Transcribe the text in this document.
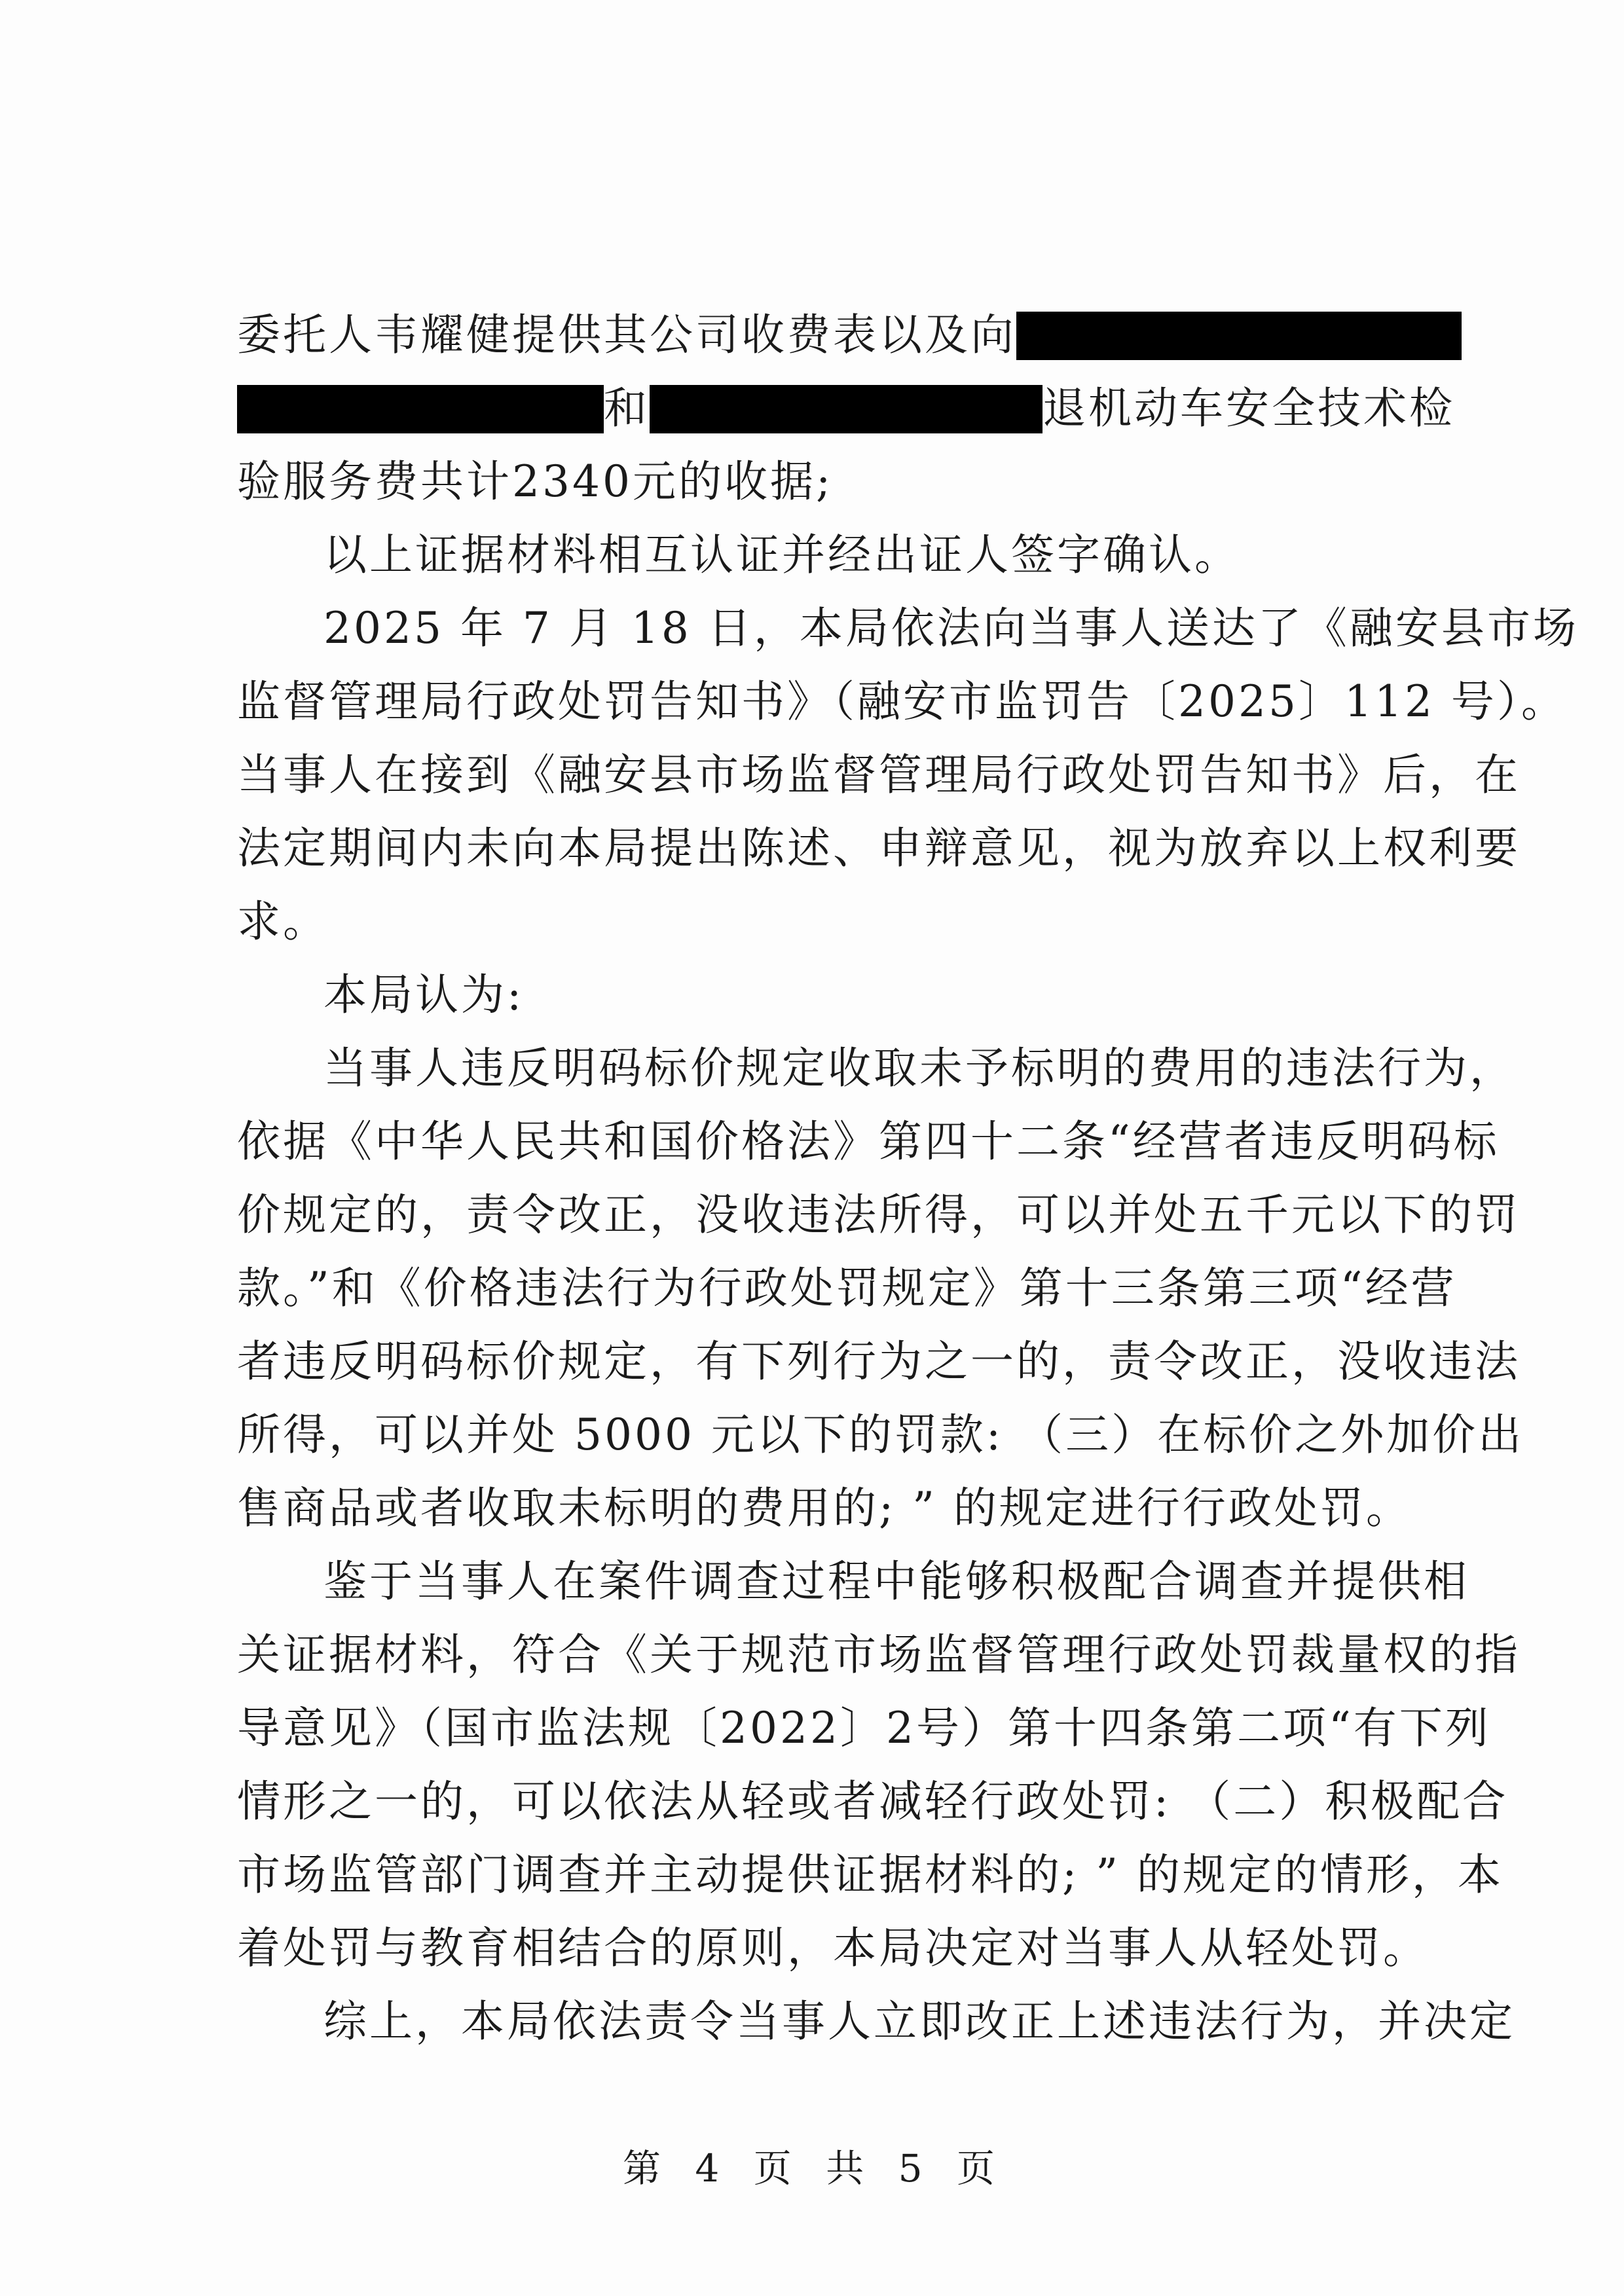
委托人韦耀健提供其公司收费表以及向
和	退机动车安全技术检
验服务费共计2340元的收据;
以上证据材料相互认证并经出证人签字确认。
2025 年 7 月 18 日，本局依法向当事人送达了《融安县市场
监督管理局行政处罚告知书》（融安市监罚告〔2025〕112 号）。
当事人在接到《融安县市场监督管理局行政处罚告知书》后，在
法定期间内未向本局提出陈述、申辩意见，视为放弃以上权利要
求。
本局认为:
当事人违反明码标价规定收取未予标明的费用的违法行为，
依据《中华人民共和国价格法》第四十二条“经营者违反明码标
价规定的，责令改正，没收违法所得，可以并处五千元以下的罚
款。”和《价格违法行为行政处罚规定》第十三条第三项“经营
者违反明码标价规定，有下列行为之一的，责令改正，没收违法
所得，可以并处 5000 元以下的罚款: （三）在标价之外加价出
售商品或者收取未标明的费用的; ” 的规定进行行政处罚。
鉴于当事人在案件调查过程中能够积极配合调查并提供相
关证据材料，符合《关于规范市场监督管理行政处罚裁量权的指
导意见》（国市监法规〔2022〕2号）第十四条第二项“有下列
情形之一的，可以依法从轻或者减轻行政处罚: （二）积极配合
市场监管部门调查并主动提供证据材料的; ” 的规定的情形，本
着处罚与教育相结合的原则，本局决定对当事人从轻处罚。
综上，本局依法责令当事人立即改正上述违法行为，并决定
第 4 页 共 5 页
